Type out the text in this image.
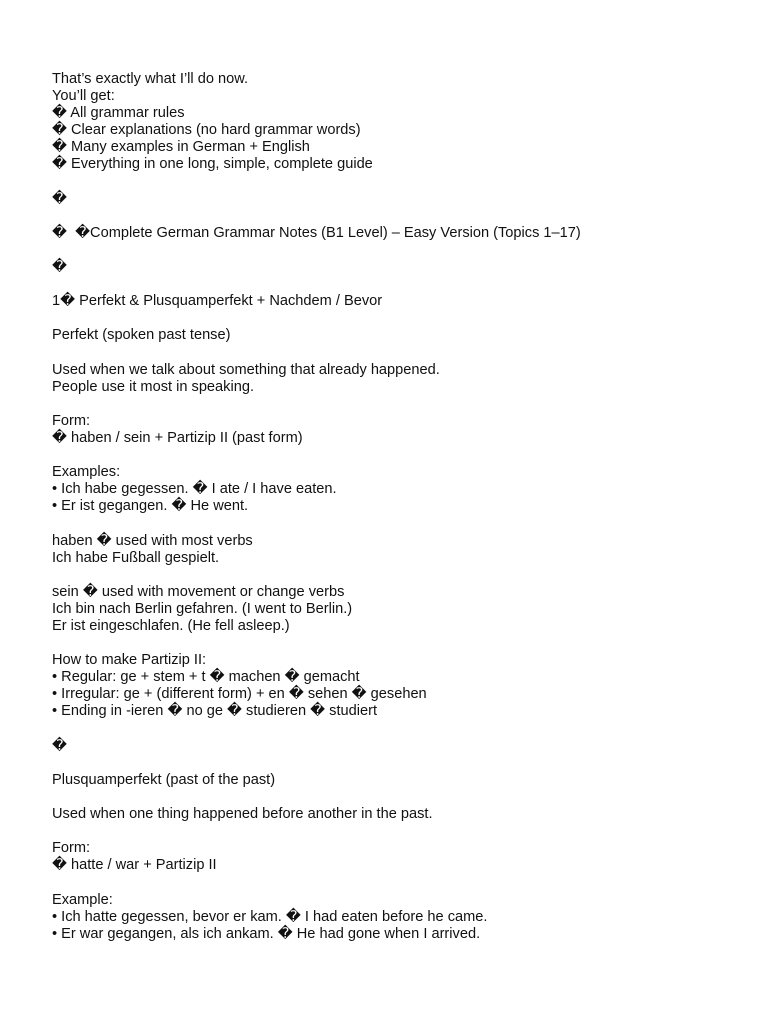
That’s exactly what I’ll do now.
You’ll get:
� All grammar rules
� Clear explanations (no hard grammar words)
� Many examples in German + English
� Everything in one long, simple, complete guide
�
�  �Complete German Grammar Notes (B1 Level) – Easy Version (Topics 1–17)
�
1� Perfekt & Plusquamperfekt + Nachdem / Bevor
Perfekt (spoken past tense)
Used when we talk about something that already happened.
People use it most in speaking.
Form:
� haben / sein + Partizip II (past form)
Examples:
• Ich habe gegessen. � I ate / I have eaten.
• Er ist gegangen. � He went.
haben � used with most verbs
Ich habe Fußball gespielt.
sein � used with movement or change verbs
Ich bin nach Berlin gefahren. (I went to Berlin.)
Er ist eingeschlafen. (He fell asleep.)
How to make Partizip II:
• Regular: ge + stem + t � machen � gemacht
• Irregular: ge + (different form) + en � sehen � gesehen
• Ending in -ieren � no ge � studieren � studiert
�
Plusquamperfekt (past of the past)
Used when one thing happened before another in the past.
Form:
� hatte / war + Partizip II
Example:
• Ich hatte gegessen, bevor er kam. � I had eaten before he came.
• Er war gegangen, als ich ankam. � He had gone when I arrived.
